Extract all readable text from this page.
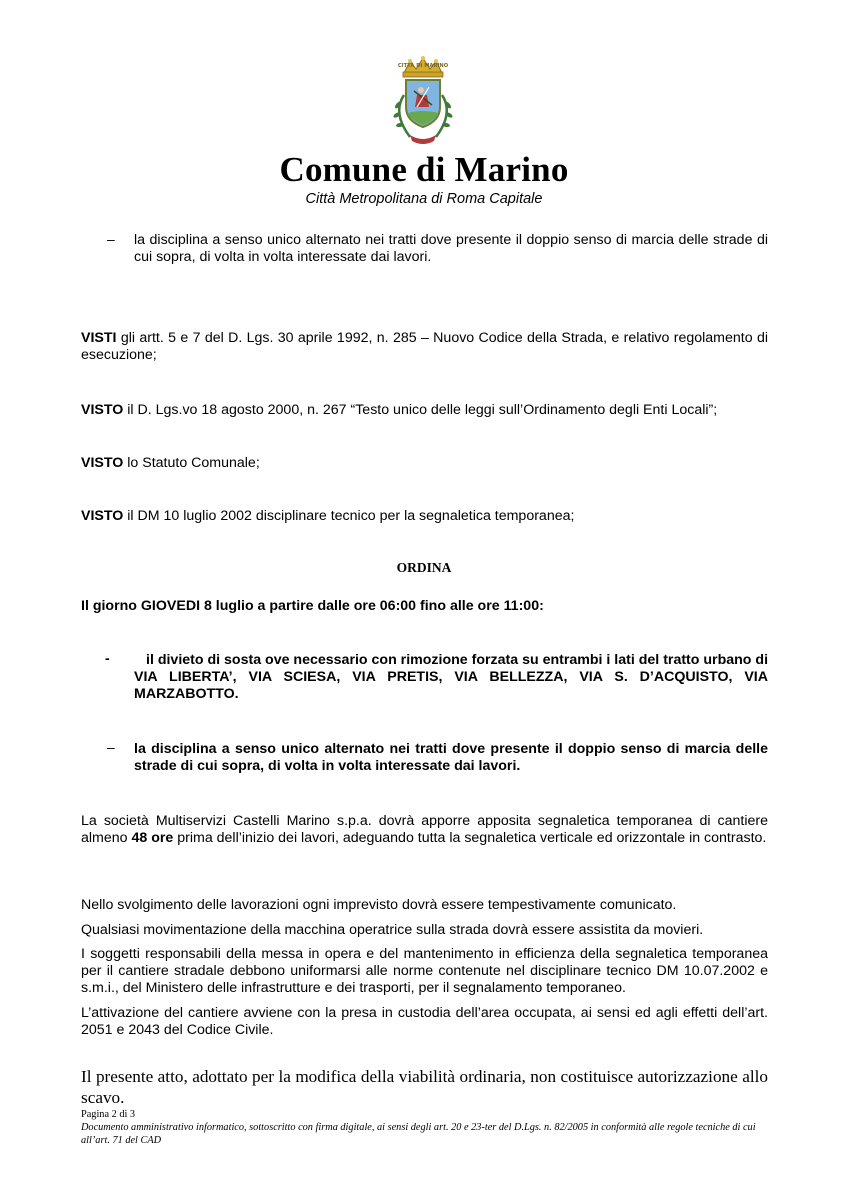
CITTÀ DI MARINO
Comune di Marino
Città Metropolitana di Roma Capitale
– la disciplina a senso unico alternato nei tratti dove presente il doppio senso di marcia delle strade di cui sopra, di volta in volta interessate dai lavori.
VISTI gli artt. 5 e 7 del D. Lgs. 30 aprile 1992, n. 285 – Nuovo Codice della Strada, e relativo regolamento di esecuzione;
VISTO il D. Lgs.vo 18 agosto 2000, n. 267 “Testo unico delle leggi sull’Ordinamento degli Enti Locali”;
VISTO lo Statuto Comunale;
VISTO il DM 10 luglio 2002 disciplinare tecnico per la segnaletica temporanea;
ORDINA
Il giorno GIOVEDI 8 luglio a partire dalle ore 06:00 fino alle ore 11:00:
-	il divieto di sosta ove necessario con rimozione forzata su entrambi i lati del tratto urbano di VIA LIBERTA’, VIA SCIESA, VIA PRETIS, VIA BELLEZZA, VIA S. D’ACQUISTO, VIA MARZABOTTO.
– la disciplina a senso unico alternato nei tratti dove presente il doppio senso di marcia delle strade di cui sopra, di volta in volta interessate dai lavori.
La società Multiservizi Castelli Marino s.p.a. dovrà apporre apposita segnaletica temporanea di cantiere almeno 48 ore prima dell’inizio dei lavori, adeguando tutta la segnaletica verticale ed orizzontale in contrasto.
Nello svolgimento delle lavorazioni ogni imprevisto dovrà essere tempestivamente comunicato.
Qualsiasi movimentazione della macchina operatrice sulla strada dovrà essere assistita da movieri.
I soggetti responsabili della messa in opera e del mantenimento in efficienza della segnaletica temporanea per il cantiere stradale debbono uniformarsi alle norme contenute nel disciplinare tecnico DM 10.07.2002 e s.m.i., del Ministero delle infrastrutture e dei trasporti, per il segnalamento temporaneo.
L’attivazione del cantiere avviene con la presa in custodia dell’area occupata, ai sensi ed agli effetti dell’art. 2051 e 2043 del Codice Civile.
Il presente atto, adottato per la modifica della viabilità ordinaria, non costituisce autorizzazione allo scavo.
Pagina 2 di 3
Documento amministrativo informatico, sottoscritto con firma digitale, ai sensi degli art. 20 e 23-ter del D.Lgs. n. 82/2005 in conformità alle regole tecniche di cui all’art. 71 del CAD
